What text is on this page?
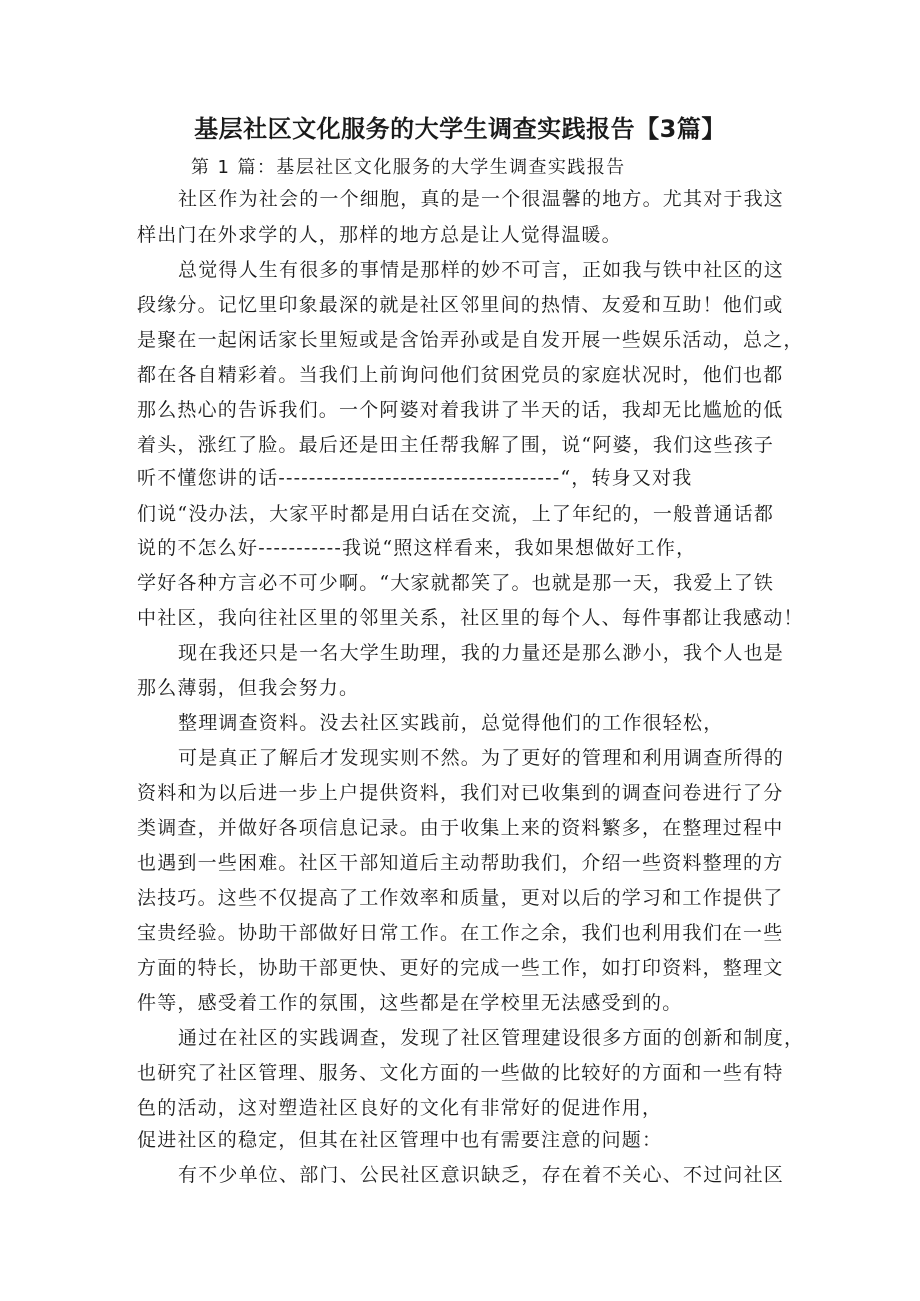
基层社区文化服务的大学生调查实践报告【3篇】
第 1 篇：基层社区文化服务的大学生调查实践报告
社区作为社会的一个细胞，真的是一个很温馨的地方。尤其对于我这
样出门在外求学的人，那样的地方总是让人觉得温暖。
总觉得人生有很多的事情是那样的妙不可言，正如我与铁中社区的这
段缘分。记忆里印象最深的就是社区邻里间的热情、友爱和互助！他们或
是聚在一起闲话家长里短或是含饴弄孙或是自发开展一些娱乐活动，总之，
都在各自精彩着。当我们上前询问他们贫困党员的家庭状况时，他们也都
那么热心的告诉我们。一个阿婆对着我讲了半天的话，我却无比尴尬的低
着头，涨红了脸。最后还是田主任帮我解了围，说“阿婆，我们这些孩子
听不懂您讲的话-------------------------------------“，转身又对我
们说“没办法，大家平时都是用白话在交流，上了年纪的，一般普通话都
说的不怎么好-----------我说“照这样看来，我如果想做好工作，
学好各种方言必不可少啊。“大家就都笑了。也就是那一天，我爱上了铁
中社区，我向往社区里的邻里关系，社区里的每个人、每件事都让我感动！
现在我还只是一名大学生助理，我的力量还是那么渺小，我个人也是
那么薄弱，但我会努力。
整理调查资料。没去社区实践前，总觉得他们的工作很轻松，
可是真正了解后才发现实则不然。为了更好的管理和利用调查所得的
资料和为以后进一步上户提供资料，我们对已收集到的调查问卷进行了分
类调查，并做好各项信息记录。由于收集上来的资料繁多，在整理过程中
也遇到一些困难。社区干部知道后主动帮助我们，介绍一些资料整理的方
法技巧。这些不仅提高了工作效率和质量，更对以后的学习和工作提供了
宝贵经验。协助干部做好日常工作。在工作之余，我们也利用我们在一些
方面的特长，协助干部更快、更好的完成一些工作，如打印资料，整理文
件等，感受着工作的氛围，这些都是在学校里无法感受到的。
通过在社区的实践调查，发现了社区管理建设很多方面的创新和制度，
也研究了社区管理、服务、文化方面的一些做的比较好的方面和一些有特
色的活动，这对塑造社区良好的文化有非常好的促进作用，
促进社区的稳定，但其在社区管理中也有需要注意的问题：
有不少单位、部门、公民社区意识缺乏，存在着不关心、不过问社区
